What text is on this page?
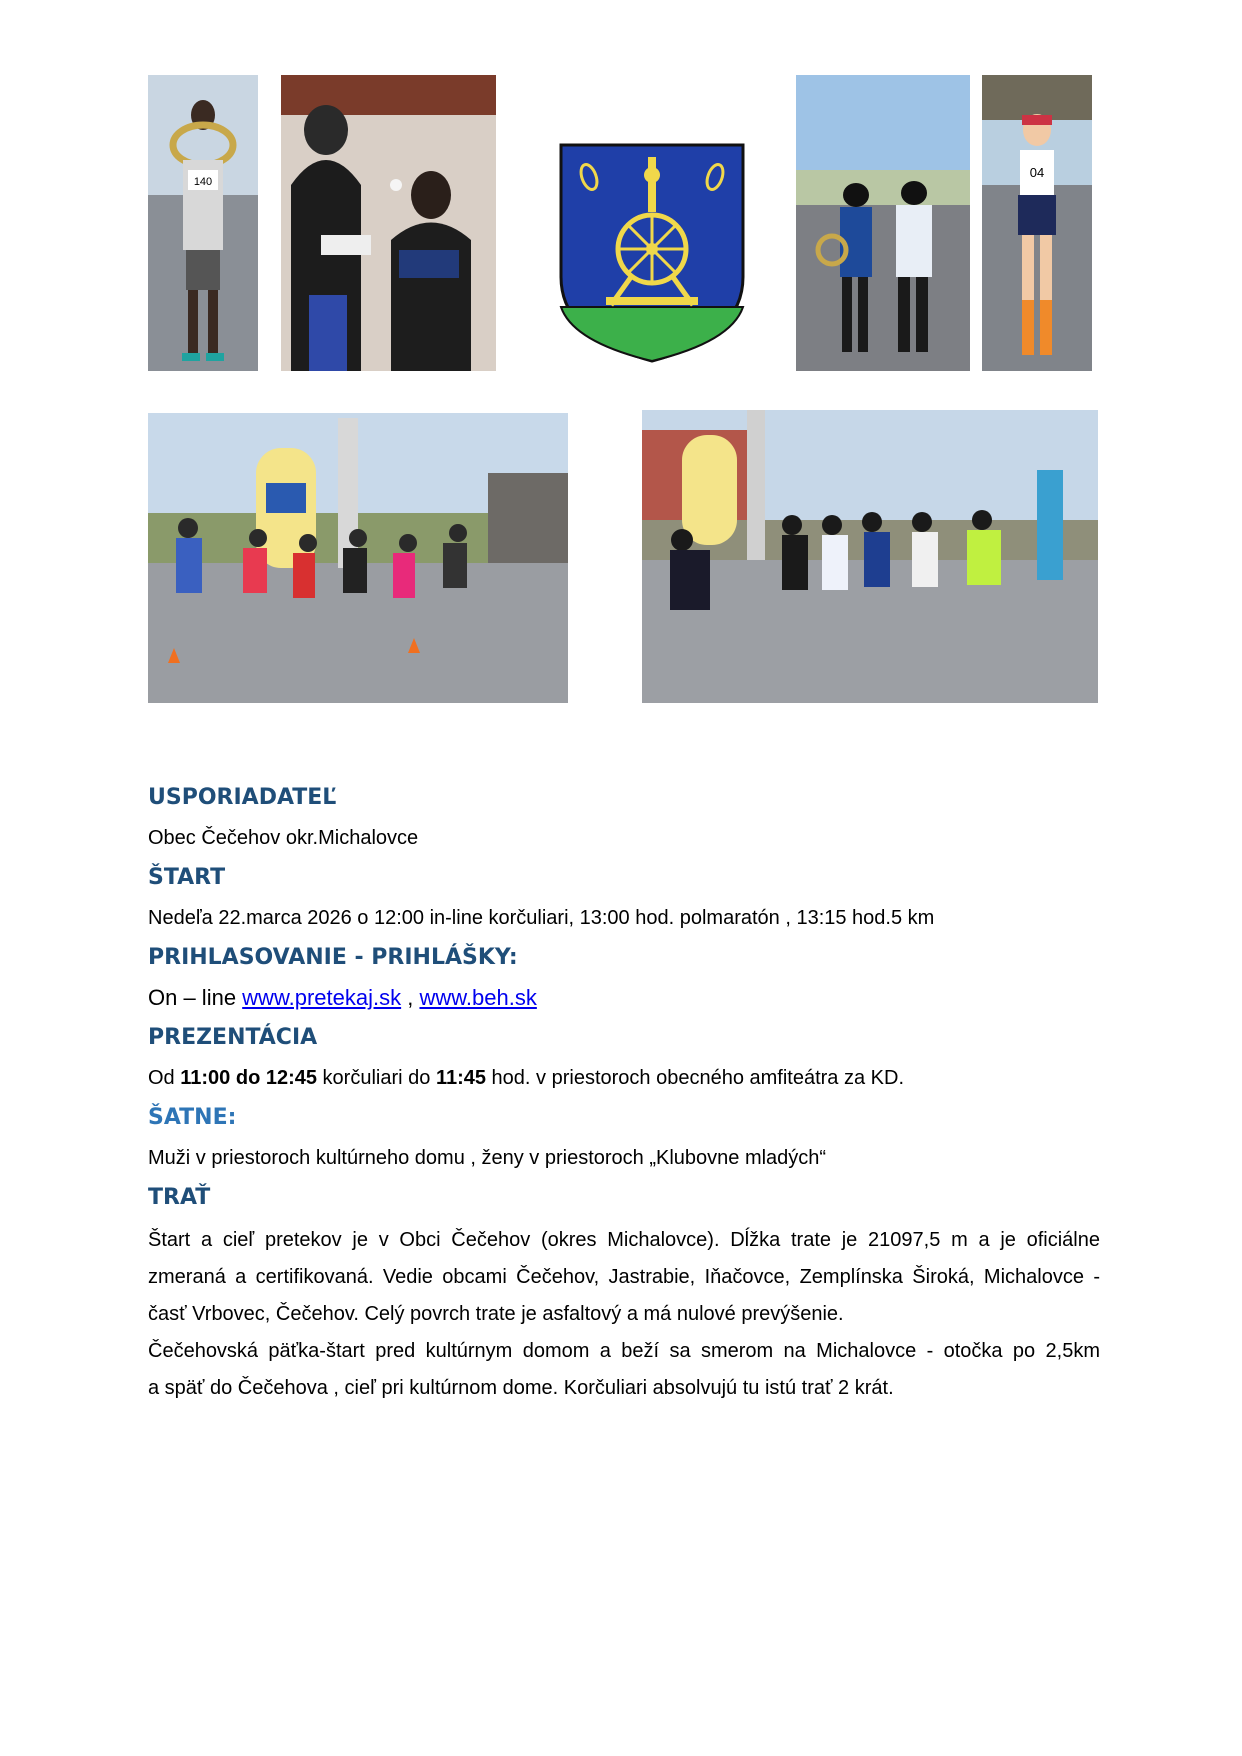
140
04
USPORIADATEĽ

Obec Čečehov okr.Michalovce

ŠTART

Nedeľa 22.marca 2026 o 12:00 in-line korčuliari, 13:00 hod. polmaratón , 13:15 hod.5 km

PRIHLASOVANIE - PRIHLÁŠKY:

On – line www.pretekaj.sk , www.beh.sk

PREZENTÁCIA

Od 11:00 do 12:45 korčuliari do 11:45 hod. v priestoroch obecného amfiteátra za KD.

ŠATNE:

Muži v priestoroch kultúrneho domu , ženy v priestoroch „Klubovne mladých“

TRAŤ
Štart a cieľ pretekov je v Obci Čečehov (okres Michalovce). Dĺžka trate je 21097,5 m a je oficiálne
zmeraná a certifikovaná. Vedie obcami Čečehov, Jastrabie, Iňačovce, Zemplínska Široká, Michalovce -
časť Vrbovec, Čečehov. Celý povrch trate je asfaltový a má nulové prevýšenie.
Čečehovská päťka-štart pred kultúrnym domom a beží sa smerom na Michalovce - otočka po 2,5km
a späť do Čečehova , cieľ pri kultúrnom dome. Korčuliari absolvujú tu istú trať 2 krát.
